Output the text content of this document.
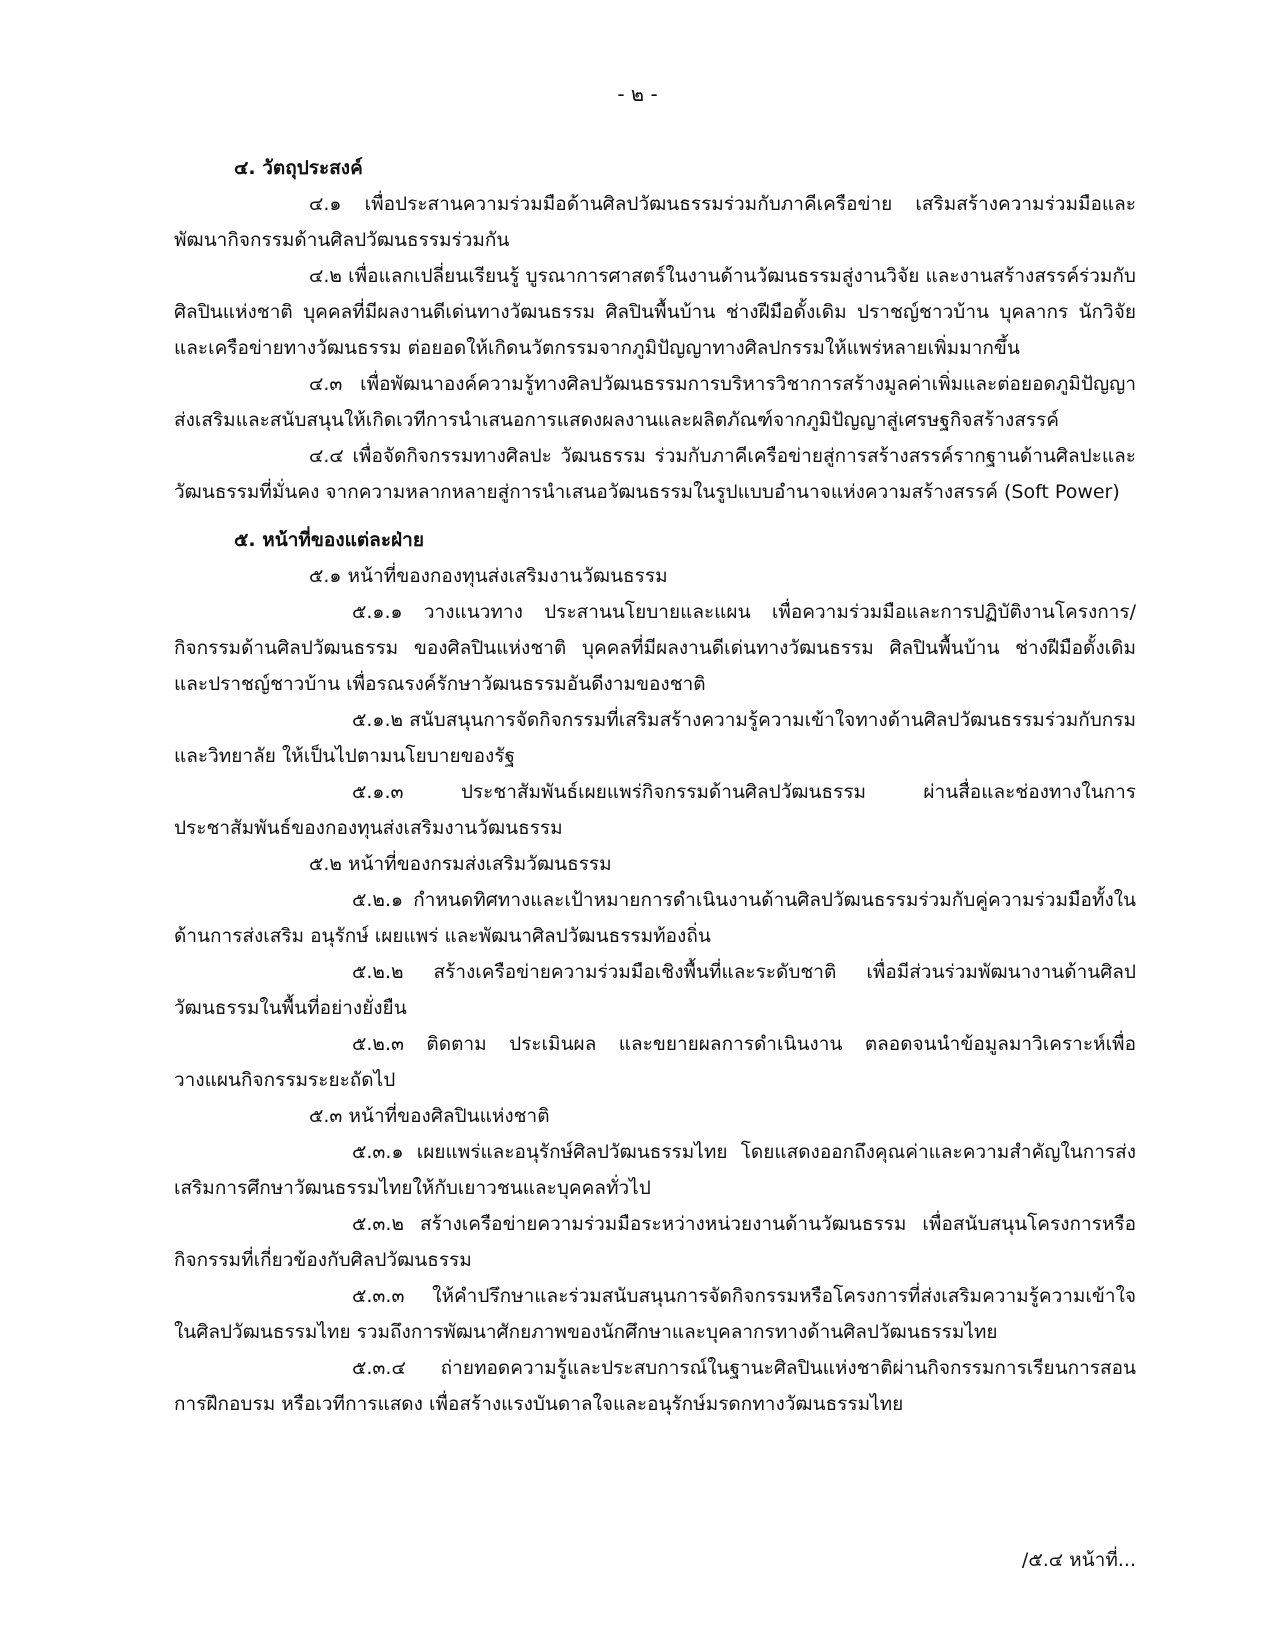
- ๒ -
๔. วัตถุประสงค์

๔.๑ เพื่อประสานความร่วมมือด้านศิลปวัฒนธรรมร่วมกับภาคีเครือข่าย เสริมสร้างความร่วมมือและพัฒนากิจกรรมด้านศิลปวัฒนธรรมร่วมกัน

๔.๒ เพื่อแลกเปลี่ยนเรียนรู้ บูรณาการศาสตร์ในงานด้านวัฒนธรรมสู่งานวิจัย และงานสร้างสรรค์ร่วมกับศิลปินแห่งชาติ บุคคลที่มีผลงานดีเด่นทางวัฒนธรรม ศิลปินพื้นบ้าน ช่างฝีมือดั้งเดิม ปราชญ์ชาวบ้าน บุคลากร นักวิจัย และเครือข่ายทางวัฒนธรรม ต่อยอดให้เกิดนวัตกรรมจากภูมิปัญญาทางศิลปกรรมให้แพร่หลายเพิ่มมากขึ้น

๔.๓ เพื่อพัฒนาองค์ความรู้ทางศิลปวัฒนธรรมการบริหารวิชาการสร้างมูลค่าเพิ่มและต่อยอดภูมิปัญญาส่งเสริมและสนับสนุนให้เกิดเวทีการนำเสนอการแสดงผลงานและผลิตภัณฑ์จากภูมิปัญญาสู่เศรษฐกิจสร้างสรรค์

๔.๔ เพื่อจัดกิจกรรมทางศิลปะ วัฒนธรรม ร่วมกับภาคีเครือข่ายสู่การสร้างสรรค์รากฐานด้านศิลปะและวัฒนธรรมที่มั่นคง จากความหลากหลายสู่การนำเสนอวัฒนธรรมในรูปแบบอำนาจแห่งความสร้างสรรค์ (Soft Power)

๕. หน้าที่ของแต่ละฝ่าย
๕.๑ หน้าที่ของกองทุนส่งเสริมงานวัฒนธรรม

๕.๑.๑ วางแนวทาง ประสานนโยบายและแผน เพื่อความร่วมมือและการปฏิบัติงานโครงการ/กิจกรรมด้านศิลปวัฒนธรรม ของศิลปินแห่งชาติ บุคคลที่มีผลงานดีเด่นทางวัฒนธรรม ศิลปินพื้นบ้าน ช่างฝีมือดั้งเดิม และปราชญ์ชาวบ้าน เพื่อรณรงค์รักษาวัฒนธรรมอันดีงามของชาติ

๕.๑.๒ สนับสนุนการจัดกิจกรรมที่เสริมสร้างความรู้ความเข้าใจทางด้านศิลปวัฒนธรรมร่วมกับกรม และวิทยาลัย ให้เป็นไปตามนโยบายของรัฐ

๕.๑.๓ ประชาสัมพันธ์เผยแพร่กิจกรรมด้านศิลปวัฒนธรรม ผ่านสื่อและช่องทางในการประชาสัมพันธ์ของกองทุนส่งเสริมงานวัฒนธรรม

๕.๒ หน้าที่ของกรมส่งเสริมวัฒนธรรม

๕.๒.๑ กำหนดทิศทางและเป้าหมายการดำเนินงานด้านศิลปวัฒนธรรมร่วมกับคู่ความร่วมมือทั้งในด้านการส่งเสริม อนุรักษ์ เผยแพร่ และพัฒนาศิลปวัฒนธรรมท้องถิ่น

๕.๒.๒ สร้างเครือข่ายความร่วมมือเชิงพื้นที่และระดับชาติ เพื่อมีส่วนร่วมพัฒนางานด้านศิลปวัฒนธรรมในพื้นที่อย่างยั่งยืน

๕.๒.๓ ติดตาม ประเมินผล และขยายผลการดำเนินงาน ตลอดจนนำข้อมูลมาวิเคราะห์เพื่อวางแผนกิจกรรมระยะถัดไป

๕.๓ หน้าที่ของศิลปินแห่งชาติ

๕.๓.๑ เผยแพร่และอนุรักษ์ศิลปวัฒนธรรมไทย โดยแสดงออกถึงคุณค่าและความสำคัญในการส่งเสริมการศึกษาวัฒนธรรมไทยให้กับเยาวชนและบุคคลทั่วไป

๕.๓.๒ สร้างเครือข่ายความร่วมมือระหว่างหน่วยงานด้านวัฒนธรรม เพื่อสนับสนุนโครงการหรือกิจกรรมที่เกี่ยวข้องกับศิลปวัฒนธรรม

๕.๓.๓ ให้คำปรึกษาและร่วมสนับสนุนการจัดกิจกรรมหรือโครงการที่ส่งเสริมความรู้ความเข้าใจในศิลปวัฒนธรรมไทย รวมถึงการพัฒนาศักยภาพของนักศึกษาและบุคลากรทางด้านศิลปวัฒนธรรมไทย

๕.๓.๔ ถ่ายทอดความรู้และประสบการณ์ในฐานะศิลปินแห่งชาติผ่านกิจกรรมการเรียนการสอนการฝึกอบรม หรือเวทีการแสดง เพื่อสร้างแรงบันดาลใจและอนุรักษ์มรดกทางวัฒนธรรมไทย

/๕.๔ หน้าที่...
